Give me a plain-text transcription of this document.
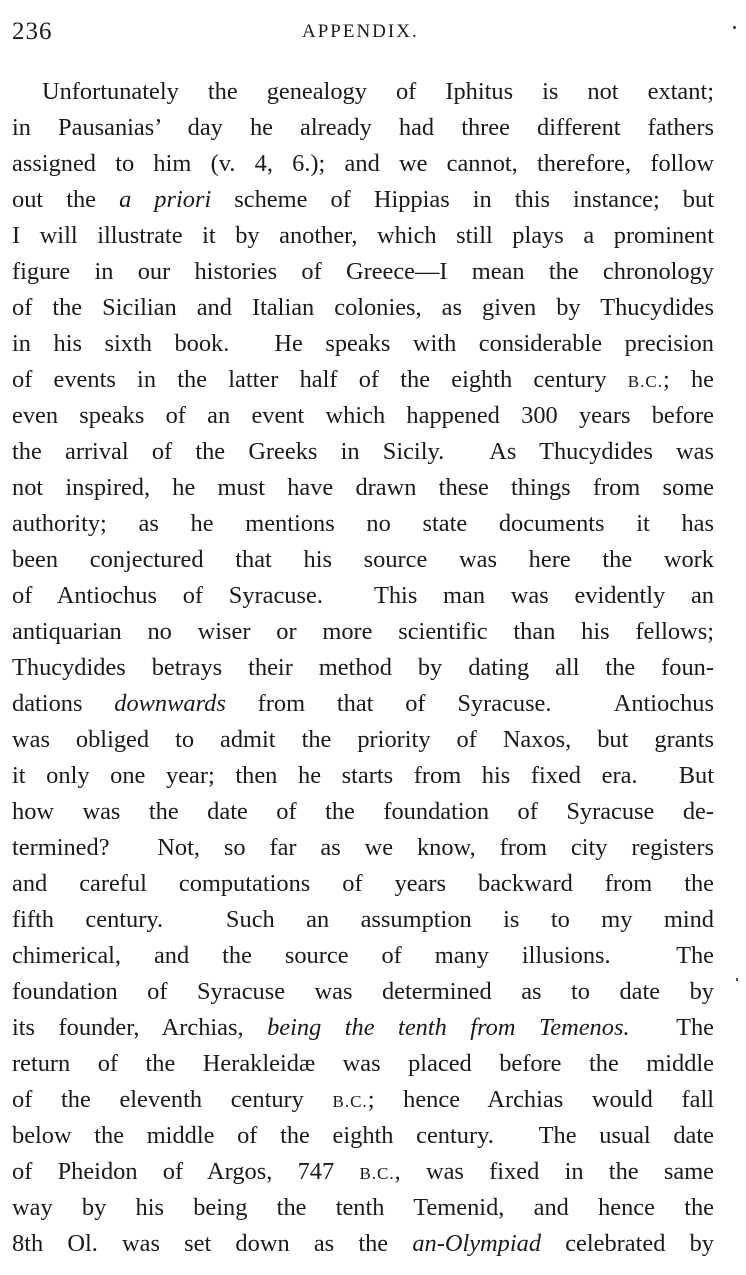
236	APPENDIX.
Unfortunately the genealogy of Iphitus is not extant;
in Pausanias’ day he already had three different fathers
assigned to him (v. 4, 6.); and we cannot, therefore, follow
out the a priori scheme of Hippias in this instance; but
I will illustrate it by another, which still plays a prominent
figure in our histories of Greece—I mean the chronology
of the Sicilian and Italian colonies, as given by Thucydides
in his sixth book.  He speaks with considerable precision
of events in the latter half of the eighth century B.C.; he
even speaks of an event which happened 300 years before
the arrival of the Greeks in Sicily.  As Thucydides was
not inspired, he must have drawn these things from some
authority; as he mentions no state documents it has
been conjectured that his source was here the work
of Antiochus of Syracuse.  This man was evidently an
antiquarian no wiser or more scientific than his fellows;
Thucydides betrays their method by dating all the foun-
dations downwards from that of Syracuse.  Antiochus
was obliged to admit the priority of Naxos, but grants
it only one year; then he starts from his fixed era.  But
how was the date of the foundation of Syracuse de-
termined?  Not, so far as we know, from city registers
and careful computations of years backward from the
fifth century.  Such an assumption is to my mind
chimerical, and the source of many illusions.  The
foundation of Syracuse was determined as to date by
its founder, Archias, being the tenth from Temenos.  The
return of the Herakleidæ was placed before the middle
of the eleventh century B.C.; hence Archias would fall
below the middle of the eighth century.  The usual date
of Pheidon of Argos, 747 B.C., was fixed in the same
way by his being the tenth Temenid, and hence the
8th Ol. was set down as the an-Olympiad celebrated by
